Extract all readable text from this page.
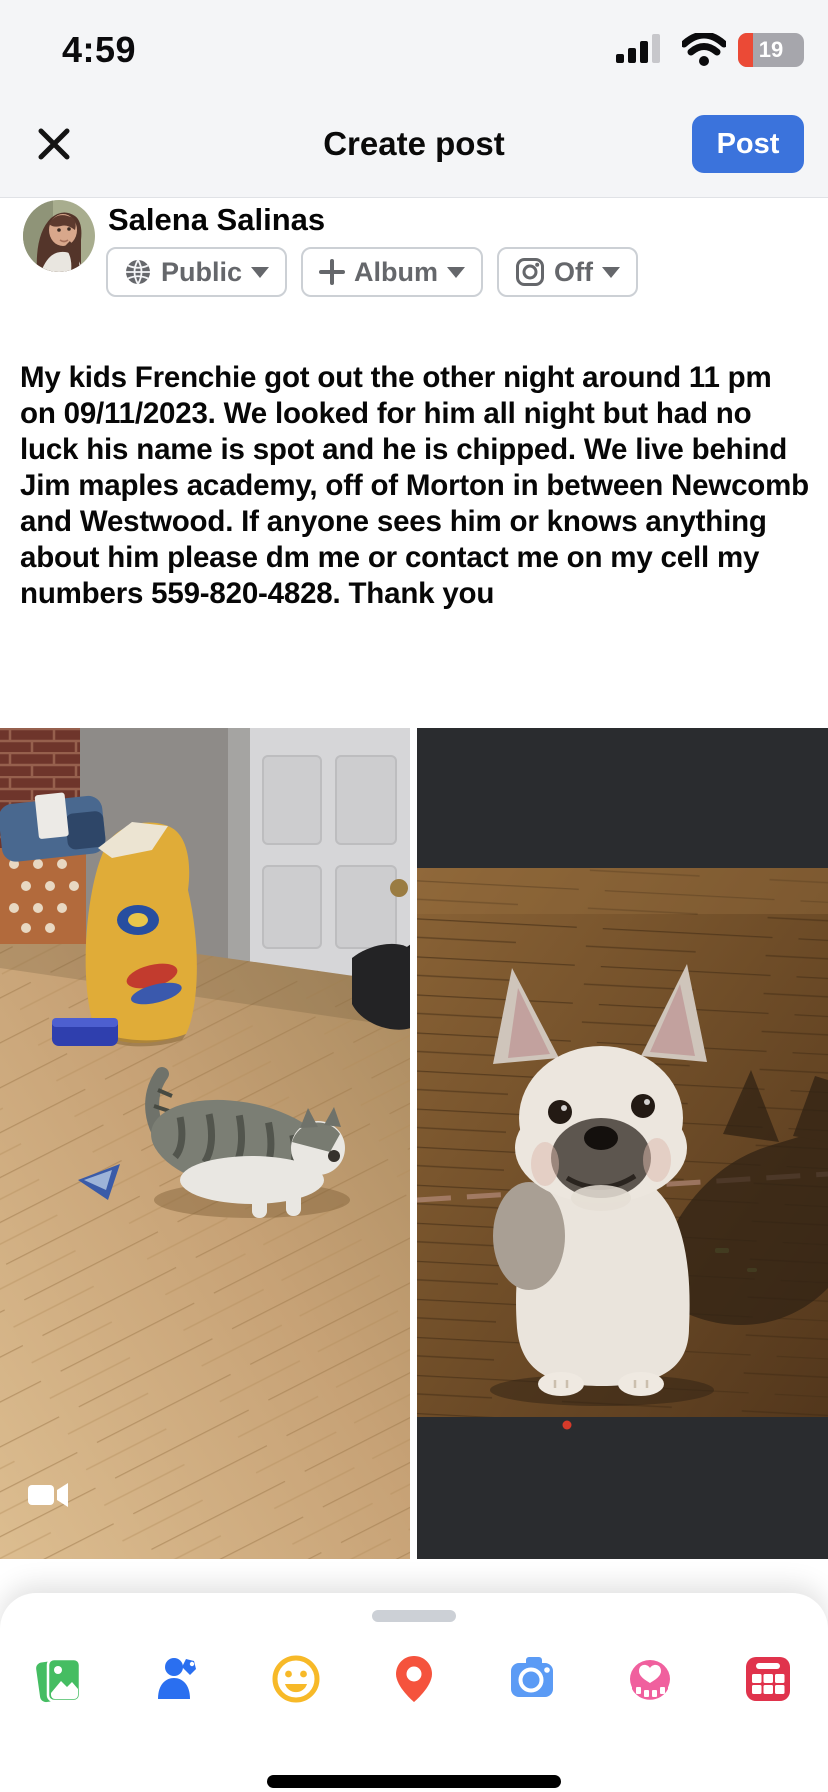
4:59	19
Create post	Post
Salena Salinas
Public	Album	Off
My kids Frenchie got out the other night around 11 pm on 09/11/2023. We looked for him all night but had no luck his name is spot and he is chipped. We live behind Jim maples academy, off of Morton in between Newcomb and Westwood. If anyone sees him or knows anything about him please dm me or contact me on my cell my numbers 559-820-4828. Thank you
